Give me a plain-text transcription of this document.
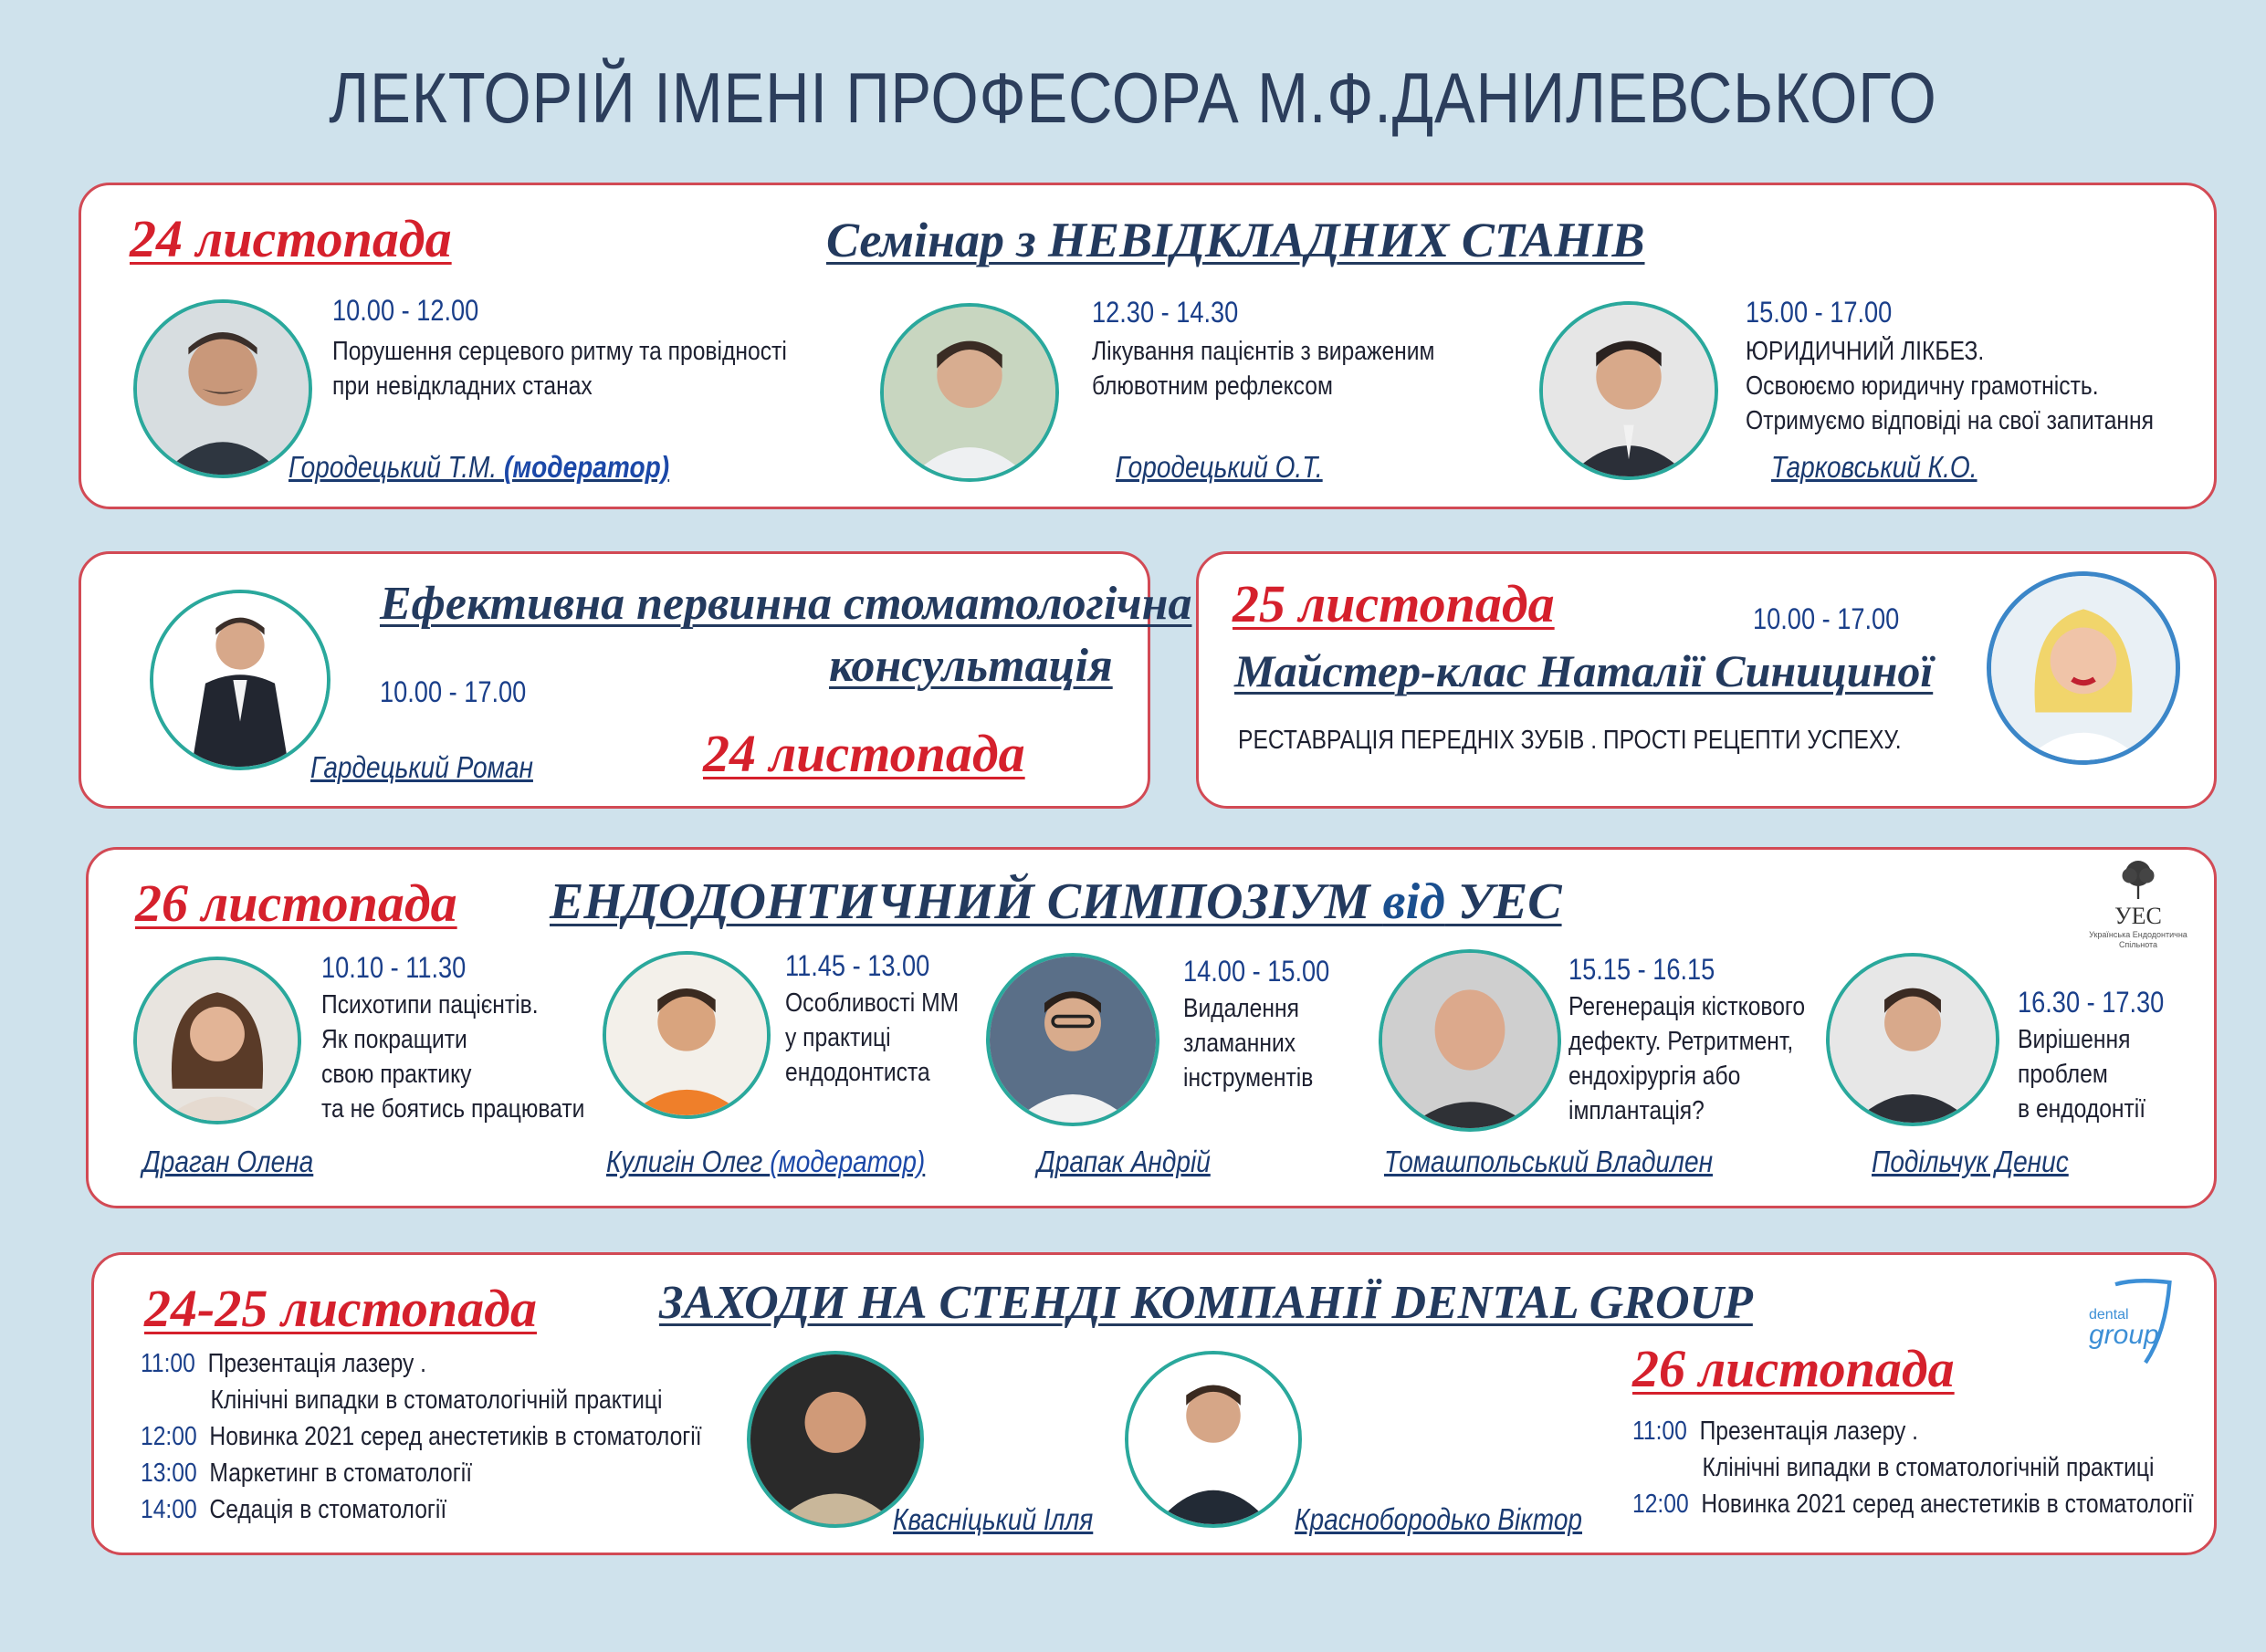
ЛЕКТОРІЙ ІМЕНІ ПРОФЕСОРА М.Ф.ДАНИЛЕВСЬКОГО
24 листопада	Семінар з НЕВІДКЛАДНИХ СТАНІВ
10.00 - 12.00
Порушення серцевого ритму та провідності
при невідкладних станах
Городецький Т.М. (модератор)
12.30 - 14.30
Лікування пацієнтів з вираженим
блювотним рефлексом
Городецький О.Т.
15.00 - 17.00
ЮРИДИЧНИЙ ЛІКБЕЗ.
Освоюємо юридичну грамотність.
Отримуємо відповіді на свої запитання
Тарковський К.О.
Ефективна первинна стоматологічна
консультація
10.00 - 17.00
24 листопада
Гардецький Роман
25 листопада	10.00 - 17.00
Майстер-клас Наталії Синициної
РЕСТАВРАЦІЯ ПЕРЕДНІХ ЗУБІВ . ПРОСТІ РЕЦЕПТИ УСПЕХУ.
26 листопада ЕНДОДОНТИЧНИЙ СИМПОЗІУМ від УЕС	УЕС
Українська Ендодонтична
Спільнота
10.10 - 11.30
Психотипи пацієнтів.
Як покращити
свою практику
та не боятись працювати
Драган Олена
11.45 - 13.00
Особливості ММ
у практиці
ендодонтиста
Кулигін Олег (модератор)
14.00 - 15.00
Видалення
зламанних
інструментів
Драпак Андрій
15.15 - 16.15
Регенерація кісткового
дефекту. Ретритмент,
ендохірургія або
імплантація?
Томашпольський Владилен
16.30 - 17.30
Вирішення
проблем
в ендодонтії
Подільчук Денис
24-25 листопада	ЗАХОДИ НА СТЕНДІ КОМПАНІЇ DENTAL GROUP	dental
group
11:00 Презентація лазеру .
Клінічні випадки в стоматологічній практиці
12:00 Новинка 2021 серед анестетиків в стоматології
13:00 Маркетинг в стоматології
14:00 Седація в стоматології	Квасніцький Ілля	Краснобородько Віктор
26 листопада
11:00 Презентація лазеру .
Клінічні випадки в стоматологічній практиці
12:00 Новинка 2021 серед анестетиків в стоматології
